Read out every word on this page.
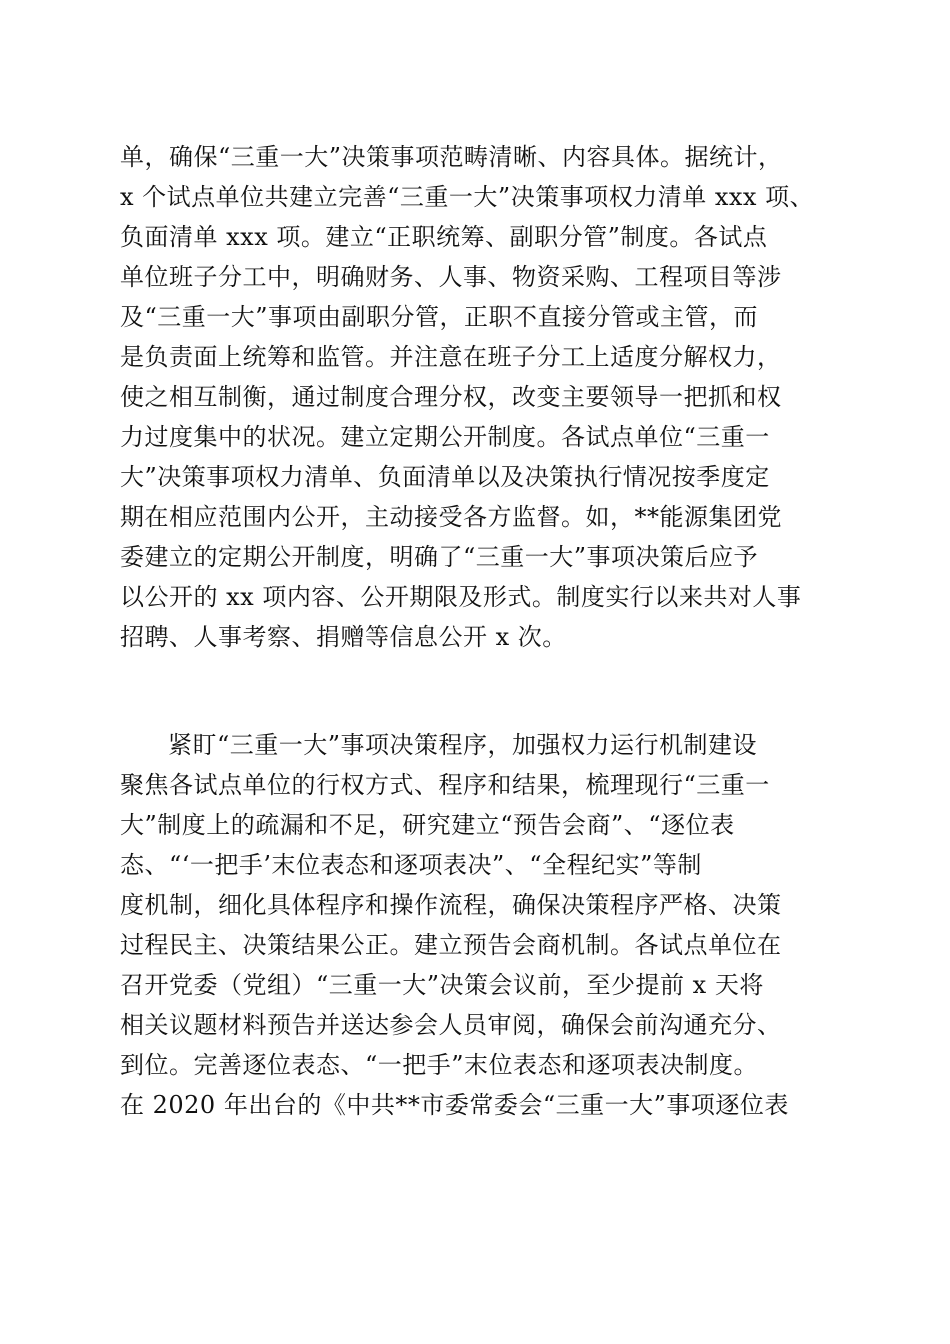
单，确保“三重一大”决策事项范畴清晰、内容具体。据统计，
x 个试点单位共建立完善“三重一大”决策事项权力清单 xxx 项、
负面清单 xxx 项。建立“正职统筹、副职分管”制度。各试点
单位班子分工中，明确财务、人事、物资采购、工程项目等涉
及“三重一大”事项由副职分管，正职不直接分管或主管，而
是负责面上统筹和监管。并注意在班子分工上适度分解权力，
使之相互制衡，通过制度合理分权，改变主要领导一把抓和权
力过度集中的状况。建立定期公开制度。各试点单位“三重一
大”决策事项权力清单、负面清单以及决策执行情况按季度定
期在相应范围内公开，主动接受各方监督。如，**能源集团党
委建立的定期公开制度，明确了“三重一大”事项决策后应予
以公开的 xx 项内容、公开期限及形式。制度实行以来共对人事
招聘、人事考察、捐赠等信息公开 x 次。
紧盯“三重一大”事项决策程序，加强权力运行机制建设
聚焦各试点单位的行权方式、程序和结果，梳理现行“三重一
大”制度上的疏漏和不足，研究建立“预告会商”、“逐位表
态、“‘一把手’末位表态和逐项表决”、“全程纪实”等制
度机制，细化具体程序和操作流程，确保决策程序严格、决策
过程民主、决策结果公正。建立预告会商机制。各试点单位在
召开党委（党组）“三重一大”决策会议前，至少提前 x 天将
相关议题材料预告并送达参会人员审阅，确保会前沟通充分、
到位。完善逐位表态、“一把手”末位表态和逐项表决制度。
在 2020 年出台的《中共**市委常委会“三重一大”事项逐位表
